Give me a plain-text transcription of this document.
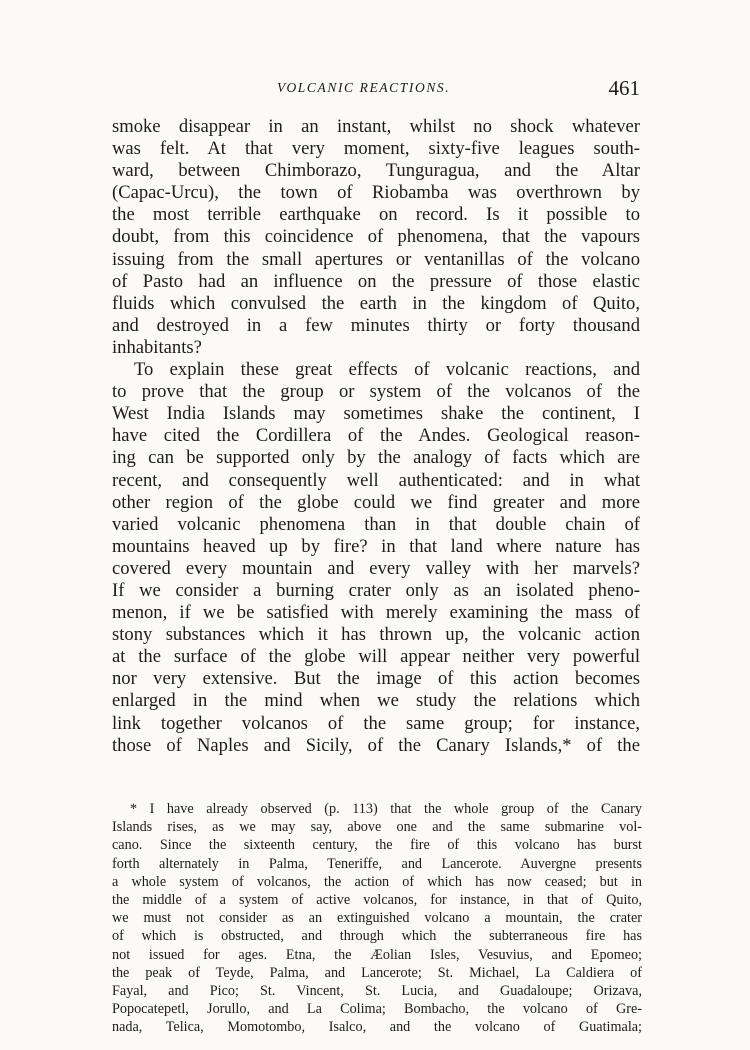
VOLCANIC REACTIONS.	461
smoke disappear in an instant, whilst no shock whatever
was felt. At that very moment, sixty-five leagues south-
ward, between Chimborazo, Tunguragua, and the Altar
(Capac-Urcu), the town of Riobamba was overthrown by
the most terrible earthquake on record. Is it possible to
doubt, from this coincidence of phenomena, that the vapours
issuing from the small apertures or ventanillas of the volcano
of Pasto had an influence on the pressure of those elastic
fluids which convulsed the earth in the kingdom of Quito,
and destroyed in a few minutes thirty or forty thousand
inhabitants?
To explain these great effects of volcanic reactions, and
to prove that the group or system of the volcanos of the
West India Islands may sometimes shake the continent, I
have cited the Cordillera of the Andes. Geological reason-
ing can be supported only by the analogy of facts which are
recent, and consequently well authenticated: and in what
other region of the globe could we find greater and more
varied volcanic phenomena than in that double chain of
mountains heaved up by fire? in that land where nature has
covered every mountain and every valley with her marvels?
If we consider a burning crater only as an isolated pheno-
menon, if we be satisfied with merely examining the mass of
stony substances which it has thrown up, the volcanic action
at the surface of the globe will appear neither very powerful
nor very extensive. But the image of this action becomes
enlarged in the mind when we study the relations which
link together volcanos of the same group; for instance,
those of Naples and Sicily, of the Canary Islands,* of the
* I have already observed (p. 113) that the whole group of the Canary
Islands rises, as we may say, above one and the same submarine vol-
cano. Since the sixteenth century, the fire of this volcano has burst
forth alternately in Palma, Teneriffe, and Lancerote. Auvergne presents
a whole system of volcanos, the action of which has now ceased; but in
the middle of a system of active volcanos, for instance, in that of Quito,
we must not consider as an extinguished volcano a mountain, the crater
of which is obstructed, and through which the subterraneous fire has
not issued for ages. Etna, the Æolian Isles, Vesuvius, and Epomeo;
the peak of Teyde, Palma, and Lancerote; St. Michael, La Caldiera of
Fayal, and Pico; St. Vincent, St. Lucia, and Guadaloupe; Orizava,
Popocatepetl, Jorullo, and La Colima; Bombacho, the volcano of Gre-
nada, Telica, Momotombo, Isalco, and the volcano of Guatimala;
